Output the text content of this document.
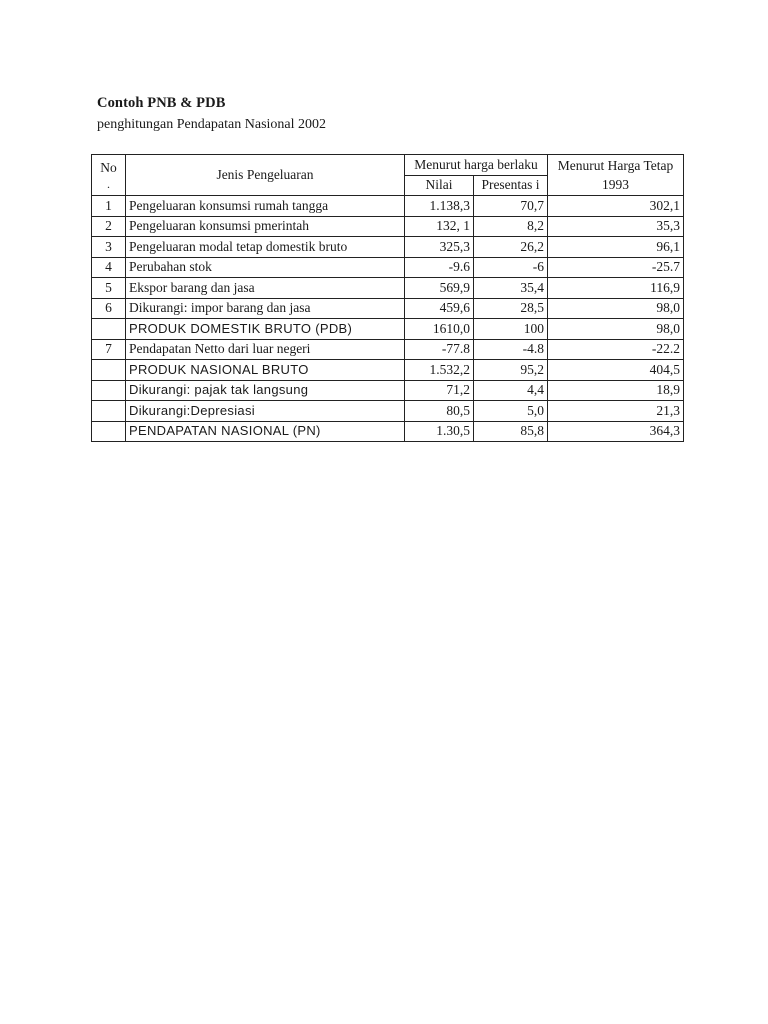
Contoh PNB & PDB
penghitungan Pendapatan Nasional 2002
No
.	Jenis Pengeluaran	Menurut harga berlaku		Menurut Harga Tetap
		Nilai	Presentas i	1993
1	Pengeluaran konsumsi rumah tangga	1.138,3	70,7	302,1
2	Pengeluaran konsumsi pmerintah	132, 1	8,2	35,3
3	Pengeluaran modal tetap domestik bruto	325,3	26,2	96,1
4	Perubahan stok	-9.6	-6	-25.7
5	Ekspor barang dan jasa	569,9	35,4	116,9
6	Dikurangi: impor barang dan jasa	459,6	28,5	98,0
	PRODUK DOMESTIK BRUTO (PDB)	1610,0	100	98,0
7	Pendapatan Netto dari luar negeri	-77.8	-4.8	-22.2
	PRODUK NASIONAL BRUTO	1.532,2	95,2	404,5
	Dikurangi: pajak tak langsung	71,2	4,4	18,9
	Dikurangi:Depresiasi	80,5	5,0	21,3
	PENDAPATAN NASIONAL (PN)	1.30,5	85,8	364,3
